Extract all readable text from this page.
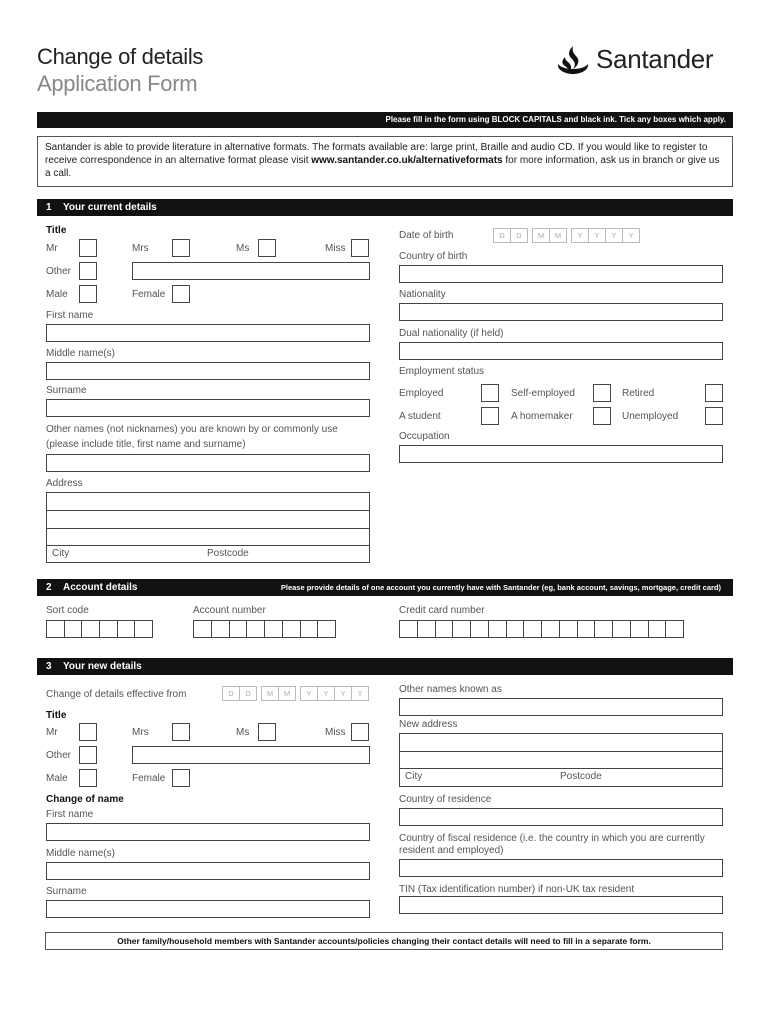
Change of details
Application Form
Santander
Please fill in the form using BLOCK CAPITALS and black ink. Tick any boxes which apply.
Santander is able to provide literature in alternative formats. The formats available are: large print, Braille and audio CD. If you would like to register to receive correspondence in an alternative format please visit www.santander.co.uk/alternativeformats for more information, ask us in branch or give us a call.
1 Your current details
Title
Mr	Mrs	Ms	Miss
Other
Male	Female
First name
Middle name(s)
Surname
Other names (not nicknames) you are known by or commonly use
(please include title, first name and surname)
Address
City	Postcode
Date of birth	D	D	M	M	Y	Y	Y	Y
Country of birth
Nationality
Dual nationality (if held)
Employment status
Employed	Self-employed	Retired
A student	A homemaker	Unemployed
Occupation
2 Account details	Please provide details of one account you currently have with Santander (eg, bank account, savings, mortgage, credit card)
Sort code	Account number	Credit card number
3 Your new details
Change of details effective from	D	D	M	M	Y	Y	Y	Y
Title
Mr	Mrs	Ms	Miss
Other
Male	Female
Change of name
First name
Middle name(s)
Surname
Other names known as
New address
City	Postcode
Country of residence
Country of fiscal residence (i.e. the country in which you are currently
resident and employed)
TIN (Tax identification number) if non-UK tax resident
Other family/household members with Santander accounts/policies changing their contact details will need to fill in a separate form.
